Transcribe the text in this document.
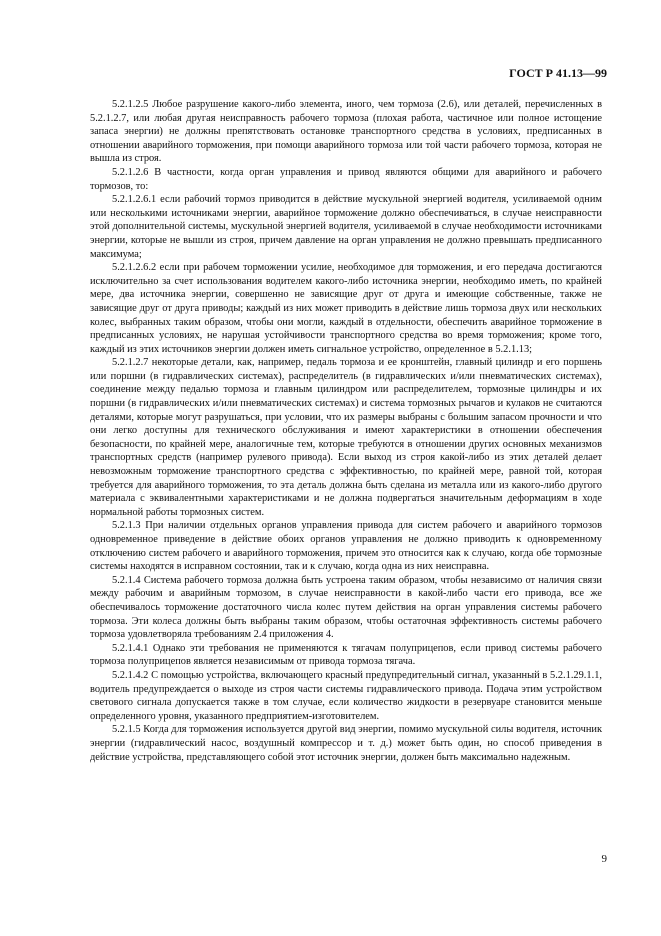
ГОСТ Р 41.13—99

5.2.1.2.5 Любое разрушение какого-либо элемента, иного, чем тормоза (2.6), или деталей, перечисленных в 5.2.1.2.7, или любая другая неисправность рабочего тормоза (плохая работа, частичное или полное истощение запаса энергии) не должны препятствовать остановке транспортного средства в условиях, предписанных в отношении аварийного торможения, при помощи аварийного тормоза или той части рабочего тормоза, которая не вышла из строя.

5.2.1.2.6 В частности, когда орган управления и привод являются общими для аварийного и рабочего тормозов, то:

5.2.1.2.6.1 если рабочий тормоз приводится в действие мускульной энергией водителя, усиливаемой одним или несколькими источниками энергии, аварийное торможение должно обеспечиваться, в случае неисправности этой дополнительной системы, мускульной энергией водителя, усиливаемой в случае необходимости источниками энергии, которые не вышли из строя, причем давление на орган управления не должно превышать предписанного максимума;

5.2.1.2.6.2 если при рабочем торможении усилие, необходимое для торможения, и его передача достигаются исключительно за счет использования водителем какого-либо источника энергии, необходимо иметь, по крайней мере, два источника энергии, совершенно не зависящие друг от друга и имеющие собственные, также не зависящие друг от друга приводы; каждый из них может приводить в действие лишь тормоза двух или нескольких колес, выбранных таким образом, чтобы они могли, каждый в отдельности, обеспечить аварийное торможение в предписанных условиях, не нарушая устойчивости транспортного средства во время торможения; кроме того, каждый из этих источников энергии должен иметь сигнальное устройство, определенное в 5.2.1.13;

5.2.1.2.7 некоторые детали, как, например, педаль тормоза и ее кронштейн, главный цилиндр и его поршень или поршни (в гидравлических системах), распределитель (в гидравлических и/или пневматических системах), соединение между педалью тормоза и главным цилиндром или распределителем, тормозные цилиндры и их поршни (в гидравлических и/или пневматических системах) и система тормозных рычагов и кулаков не считаются деталями, которые могут разрушаться, при условии, что их размеры выбраны с большим запасом прочности и что они легко доступны для технического обслуживания и имеют характеристики в отношении обеспечения безопасности, по крайней мере, аналогичные тем, которые требуются в отношении других основных механизмов транспортных средств (например рулевого привода). Если выход из строя какой-либо из этих деталей делает невозможным торможение транспортного средства с эффективностью, по крайней мере, равной той, которая требуется для аварийного торможения, то эта деталь должна быть сделана из металла или из какого-либо другого материала с эквивалентными характеристиками и не должна подвергаться значительным деформациям в ходе нормальной работы тормозных систем.

5.2.1.3 При наличии отдельных органов управления привода для систем рабочего и аварийного тормозов одновременное приведение в действие обоих органов управления не должно приводить к одновременному отключению систем рабочего и аварийного торможения, причем это относится как к случаю, когда обе тормозные системы находятся в исправном состоянии, так и к случаю, когда одна из них неисправна.

5.2.1.4 Система рабочего тормоза должна быть устроена таким образом, чтобы независимо от наличия связи между рабочим и аварийным тормозом, в случае неисправности в какой-либо части его привода, все же обеспечивалось торможение достаточного числа колес путем действия на орган управления системы рабочего тормоза. Эти колеса должны быть выбраны таким образом, чтобы остаточная эффективность системы рабочего тормоза удовлетворяла требованиям 2.4 приложения 4.

5.2.1.4.1 Однако эти требования не применяются к тягачам полуприцепов, если привод системы рабочего тормоза полуприцепов является независимым от привода тормоза тягача.

5.2.1.4.2 С помощью устройства, включающего красный предупредительный сигнал, указанный в 5.2.1.29.1.1, водитель предупреждается о выходе из строя части системы гидравлического привода. Подача этим устройством светового сигнала допускается также в том случае, если количество жидкости в резервуаре становится меньше определенного уровня, указанного предприятием-изготовителем.

5.2.1.5 Когда для торможения используется другой вид энергии, помимо мускульной силы водителя, источник энергии (гидравлический насос, воздушный компрессор и т. д.) может быть один, но способ приведения в действие устройства, представляющего собой этот источник энергии, должен быть максимально надежным.

9
